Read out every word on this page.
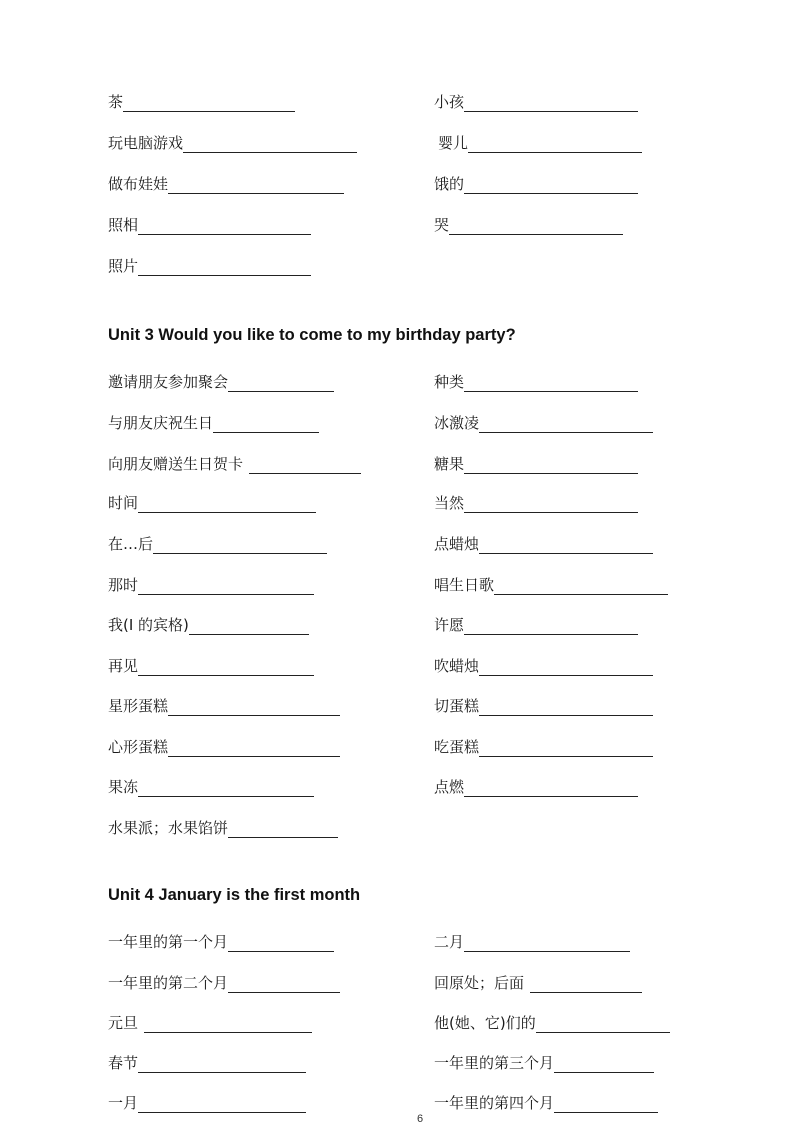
茶
玩电脑游戏
做布娃娃
照相
照片
小孩
婴儿
饿的
哭
Unit 3 Would you like to come to my birthday party?
邀请朋友参加聚会
与朋友庆祝生日
向朋友赠送生日贺卡
时间
在…后
那时
我(I 的宾格)
再见
星形蛋糕
心形蛋糕
果冻
水果派；水果馅饼
种类
冰激凌
糖果
当然
点蜡烛
唱生日歌
许愿
吹蜡烛
切蛋糕
吃蛋糕
点燃
Unit 4 January is the first month
一年里的第一个月
一年里的第二个月
元旦
春节
一月
二月
回原处；后面
他(她、它)们的
一年里的第三个月
一年里的第四个月
6
